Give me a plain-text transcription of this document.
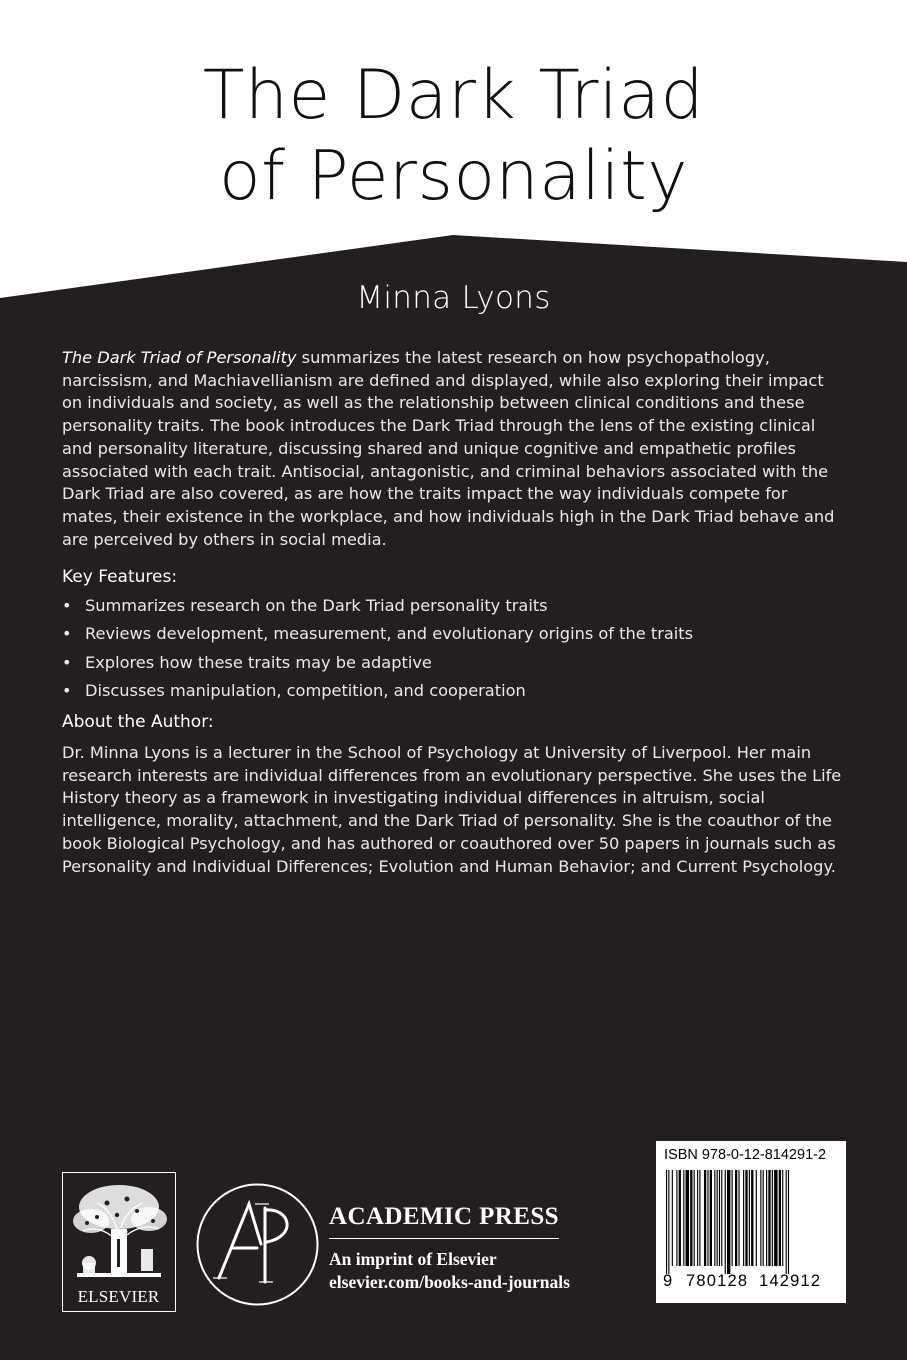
The Dark Triad
of Personality
Minna Lyons
The Dark Triad of Personality summarizes the latest research on how psychopathology, narcissism, and Machiavellianism are defined and displayed, while also exploring their impact on individuals and society, as well as the relationship between clinical conditions and these personality traits. The book introduces the Dark Triad through the lens of the existing clinical and personality literature, discussing shared and unique cognitive and empathetic profiles associated with each trait. Antisocial, antagonistic, and criminal behaviors associated with the Dark Triad are also covered, as are how the traits impact the way individuals compete for mates, their existence in the workplace, and how individuals high in the Dark Triad behave and are perceived by others in social media.
Key Features:
• Summarizes research on the Dark Triad personality traits
• Reviews development, measurement, and evolutionary origins of the traits
• Explores how these traits may be adaptive
• Discusses manipulation, competition, and cooperation
About the Author:
Dr. Minna Lyons is a lecturer in the School of Psychology at University of Liverpool. Her main research interests are individual differences from an evolutionary perspective. She uses the Life History theory as a framework in investigating individual differences in altruism, social intelligence, morality, attachment, and the Dark Triad of personality. She is the coauthor of the book Biological Psychology, and has authored or coauthored over 50 papers in journals such as Personality and Individual Differences; Evolution and Human Behavior; and Current Psychology.
ELSEVIER
ACADEMIC PRESS
An imprint of Elsevier
elsevier.com/books-and-journals
ISBN 978-0-12-814291-2
9 780128 142912
